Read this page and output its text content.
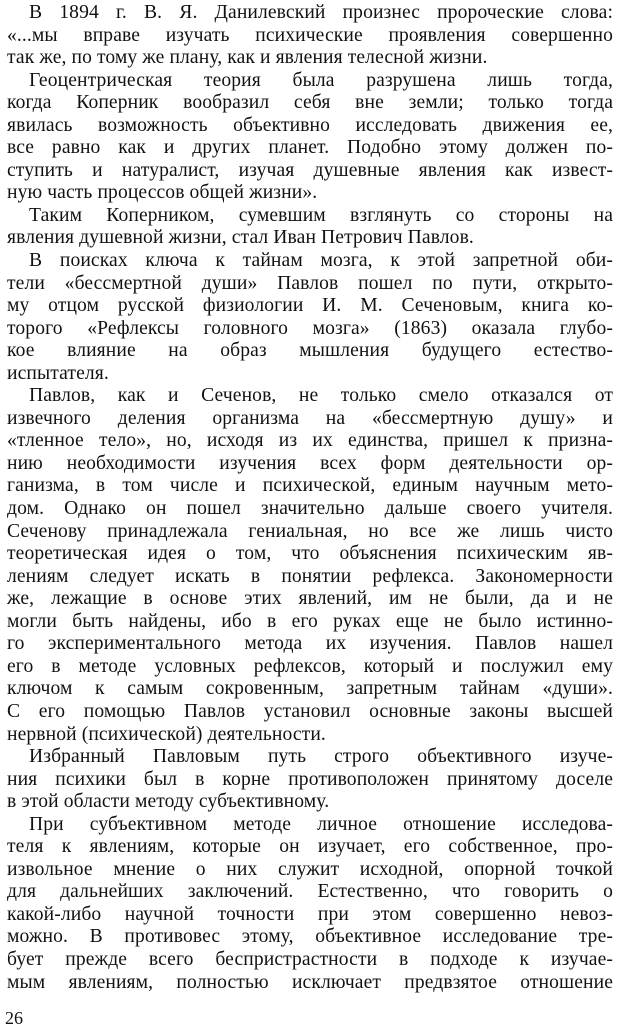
В 1894 г. В. Я. Данилевский произнес пророческие слова:
«...мы вправе изучать психические проявления совершенно
так же, по тому же плану, как и явления телесной жизни.
Геоцентрическая теория была разрушена лишь тогда,
когда Коперник вообразил себя вне земли; только тогда
явилась возможность объективно исследовать движения ее,
все равно как и других планет. Подобно этому должен по-
ступить и натуралист, изучая душевные явления как извест-
ную часть процессов общей жизни».
Таким Коперником, сумевшим взглянуть со стороны на
явления душевной жизни, стал Иван Петрович Павлов.
В поисках ключа к тайнам мозга, к этой запретной оби-
тели «бессмертной души» Павлов пошел по пути, открыто-
му отцом русской физиологии И. М. Сеченовым, книга ко-
торого «Рефлексы головного мозга» (1863) оказала глубо-
кое влияние на образ мышления будущего естество-
испытателя.
Павлов, как и Сеченов, не только смело отказался от
извечного деления организма на «бессмертную душу» и
«тленное тело», но, исходя из их единства, пришел к призна-
нию необходимости изучения всех форм деятельности ор-
ганизма, в том числе и психической, единым научным мето-
дом. Однако он пошел значительно дальше своего учителя.
Сеченову принадлежала гениальная, но все же лишь чисто
теоретическая идея о том, что объяснения психическим яв-
лениям следует искать в понятии рефлекса. Закономерности
же, лежащие в основе этих явлений, им не были, да и не
могли быть найдены, ибо в его руках еще не было истинно-
го экспериментального метода их изучения. Павлов нашел
его в методе условных рефлексов, который и послужил ему
ключом к самым сокровенным, запретным тайнам «души».
С его помощью Павлов установил основные законы высшей
нервной (психической) деятельности.
Избранный Павловым путь строго объективного изуче-
ния психики был в корне противоположен принятому доселе
в этой области методу субъективному.
При субъективном методе личное отношение исследова-
теля к явлениям, которые он изучает, его собственное, про-
извольное мнение о них служит исходной, опорной точкой
для дальнейших заключений. Естественно, что говорить о
какой-либо научной точности при этом совершенно невоз-
можно. В противовес этому, объективное исследование тре-
бует прежде всего беспристрастности в подходе к изучае-
мым явлениям, полностью исключает предвзятое отношение
26
